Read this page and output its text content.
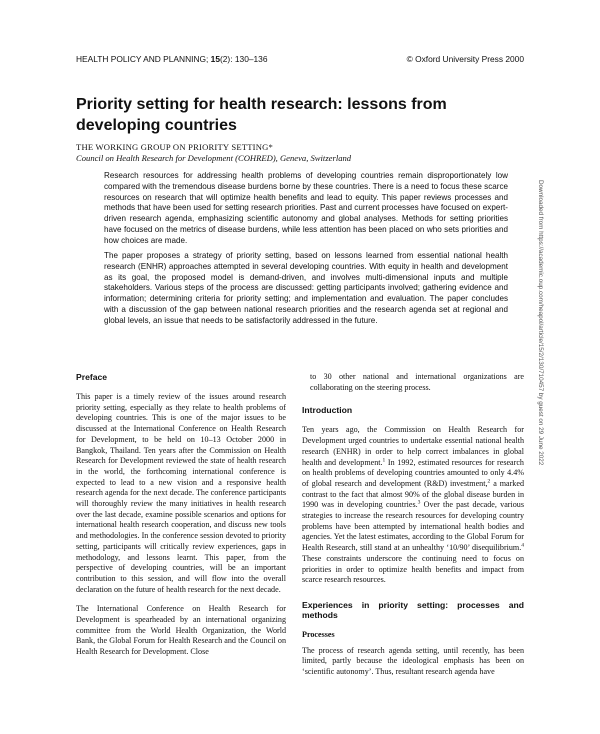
HEALTH POLICY AND PLANNING; 15(2): 130–136	© Oxford University Press 2000
Priority setting for health research: lessons from developing countries
THE WORKING GROUP ON PRIORITY SETTING*
Council on Health Research for Development (COHRED), Geneva, Switzerland

Research resources for addressing health problems of developing countries remain disproportionately low compared with the tremendous disease burdens borne by these countries. There is a need to focus these scarce resources on research that will optimize health benefits and lead to equity. This paper reviews processes and methods that have been used for setting research priorities. Past and current processes have focused on expert-driven research agenda, emphasizing scientific autonomy and global analyses. Methods for setting priorities have focused on the metrics of disease burdens, while less attention has been placed on who sets priorities and how choices are made.

The paper proposes a strategy of priority setting, based on lessons learned from essential national health research (ENHR) approaches attempted in several developing countries. With equity in health and development as its goal, the proposed model is demand-driven, and involves multi-dimensional inputs and multiple stakeholders. Various steps of the process are discussed: getting participants involved; gathering evidence and information; determining criteria for priority setting; and implementation and evaluation. The paper concludes with a discussion of the gap between national research priorities and the research agenda set at regional and global levels, an issue that needs to be satisfactorily addressed in the future.	Downloaded from https://academic.oup.com/heapol/article/15/2/130/710457 by guest on 29 June 2022
Preface

This paper is a timely review of the issues around research priority setting, especially as they relate to health problems of developing countries. This is one of the major issues to be discussed at the International Conference on Health Research for Development, to be held on 10–13 October 2000 in Bangkok, Thailand. Ten years after the Commission on Health Research for Development reviewed the state of health research in the world, the forthcoming international conference is expected to lead to a new vision and a responsive health research agenda for the next decade. The conference participants will thoroughly review the many initiatives in health research over the last decade, examine possible scenarios and options for international health research cooperation, and discuss new tools and methodologies. In the conference session devoted to priority setting, participants will critically review experiences, gaps in methodology, and lessons learnt. This paper, from the perspective of developing countries, will be an important contribution to this session, and will flow into the overall declaration on the future of health research for the next decade.

The International Conference on Health Research for Development is spearheaded by an international organizing committee from the World Health Organization, the World Bank, the Global Forum for Health Research and the Council on Health Research for Development. Close

to 30 other national and international organizations are collaborating on the steering process.

Introduction

Ten years ago, the Commission on Health Research for Development urged countries to undertake essential national health research (ENHR) in order to help correct imbalances in global health and development.$^1$ In 1992, estimated resources for research on health problems of developing countries amounted to only 4.4% of global research and development (R&D) investment,$^2$ a marked contrast to the fact that almost 90% of the global disease burden in 1990 was in developing countries.$^3$ Over the past decade, various strategies to increase the research resources for developing country problems have been attempted by international health bodies and agencies. Yet the latest estimates, according to the Global Forum for Health Research, still stand at an unhealthy ‘10/90’ disequilibrium.$^4$ These constraints underscore the continuing need to focus on priorities in order to optimize health benefits and impact from scarce research resources.

Experiences in priority setting: processes and methods
Processes

The process of research agenda setting, until recently, has been limited, partly because the ideological emphasis has been on ‘scientific autonomy’. Thus, resultant research agenda have
